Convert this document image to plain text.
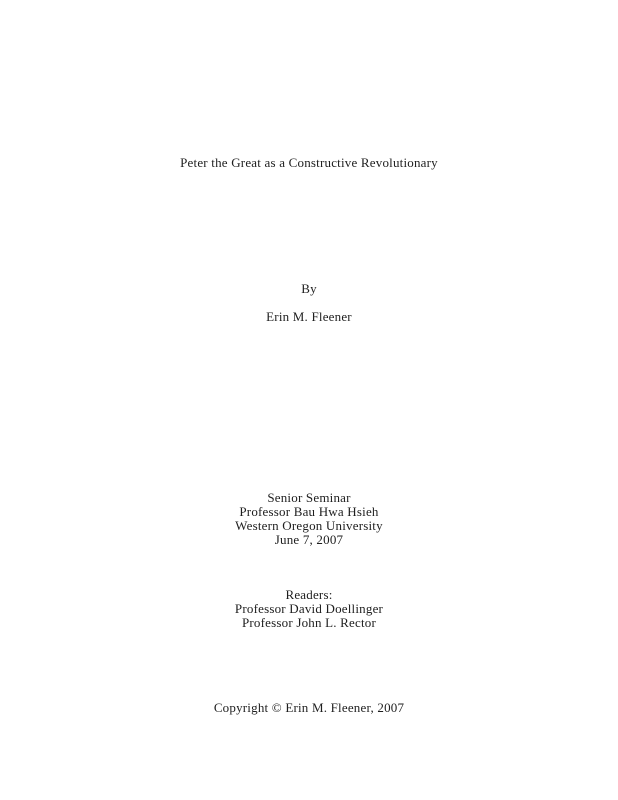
Peter the Great as a Constructive Revolutionary
By
Erin M. Fleener
Senior Seminar
Professor Bau Hwa Hsieh
Western Oregon University
June 7, 2007
Readers:
Professor David Doellinger
Professor John L. Rector
Copyright © Erin M. Fleener, 2007
